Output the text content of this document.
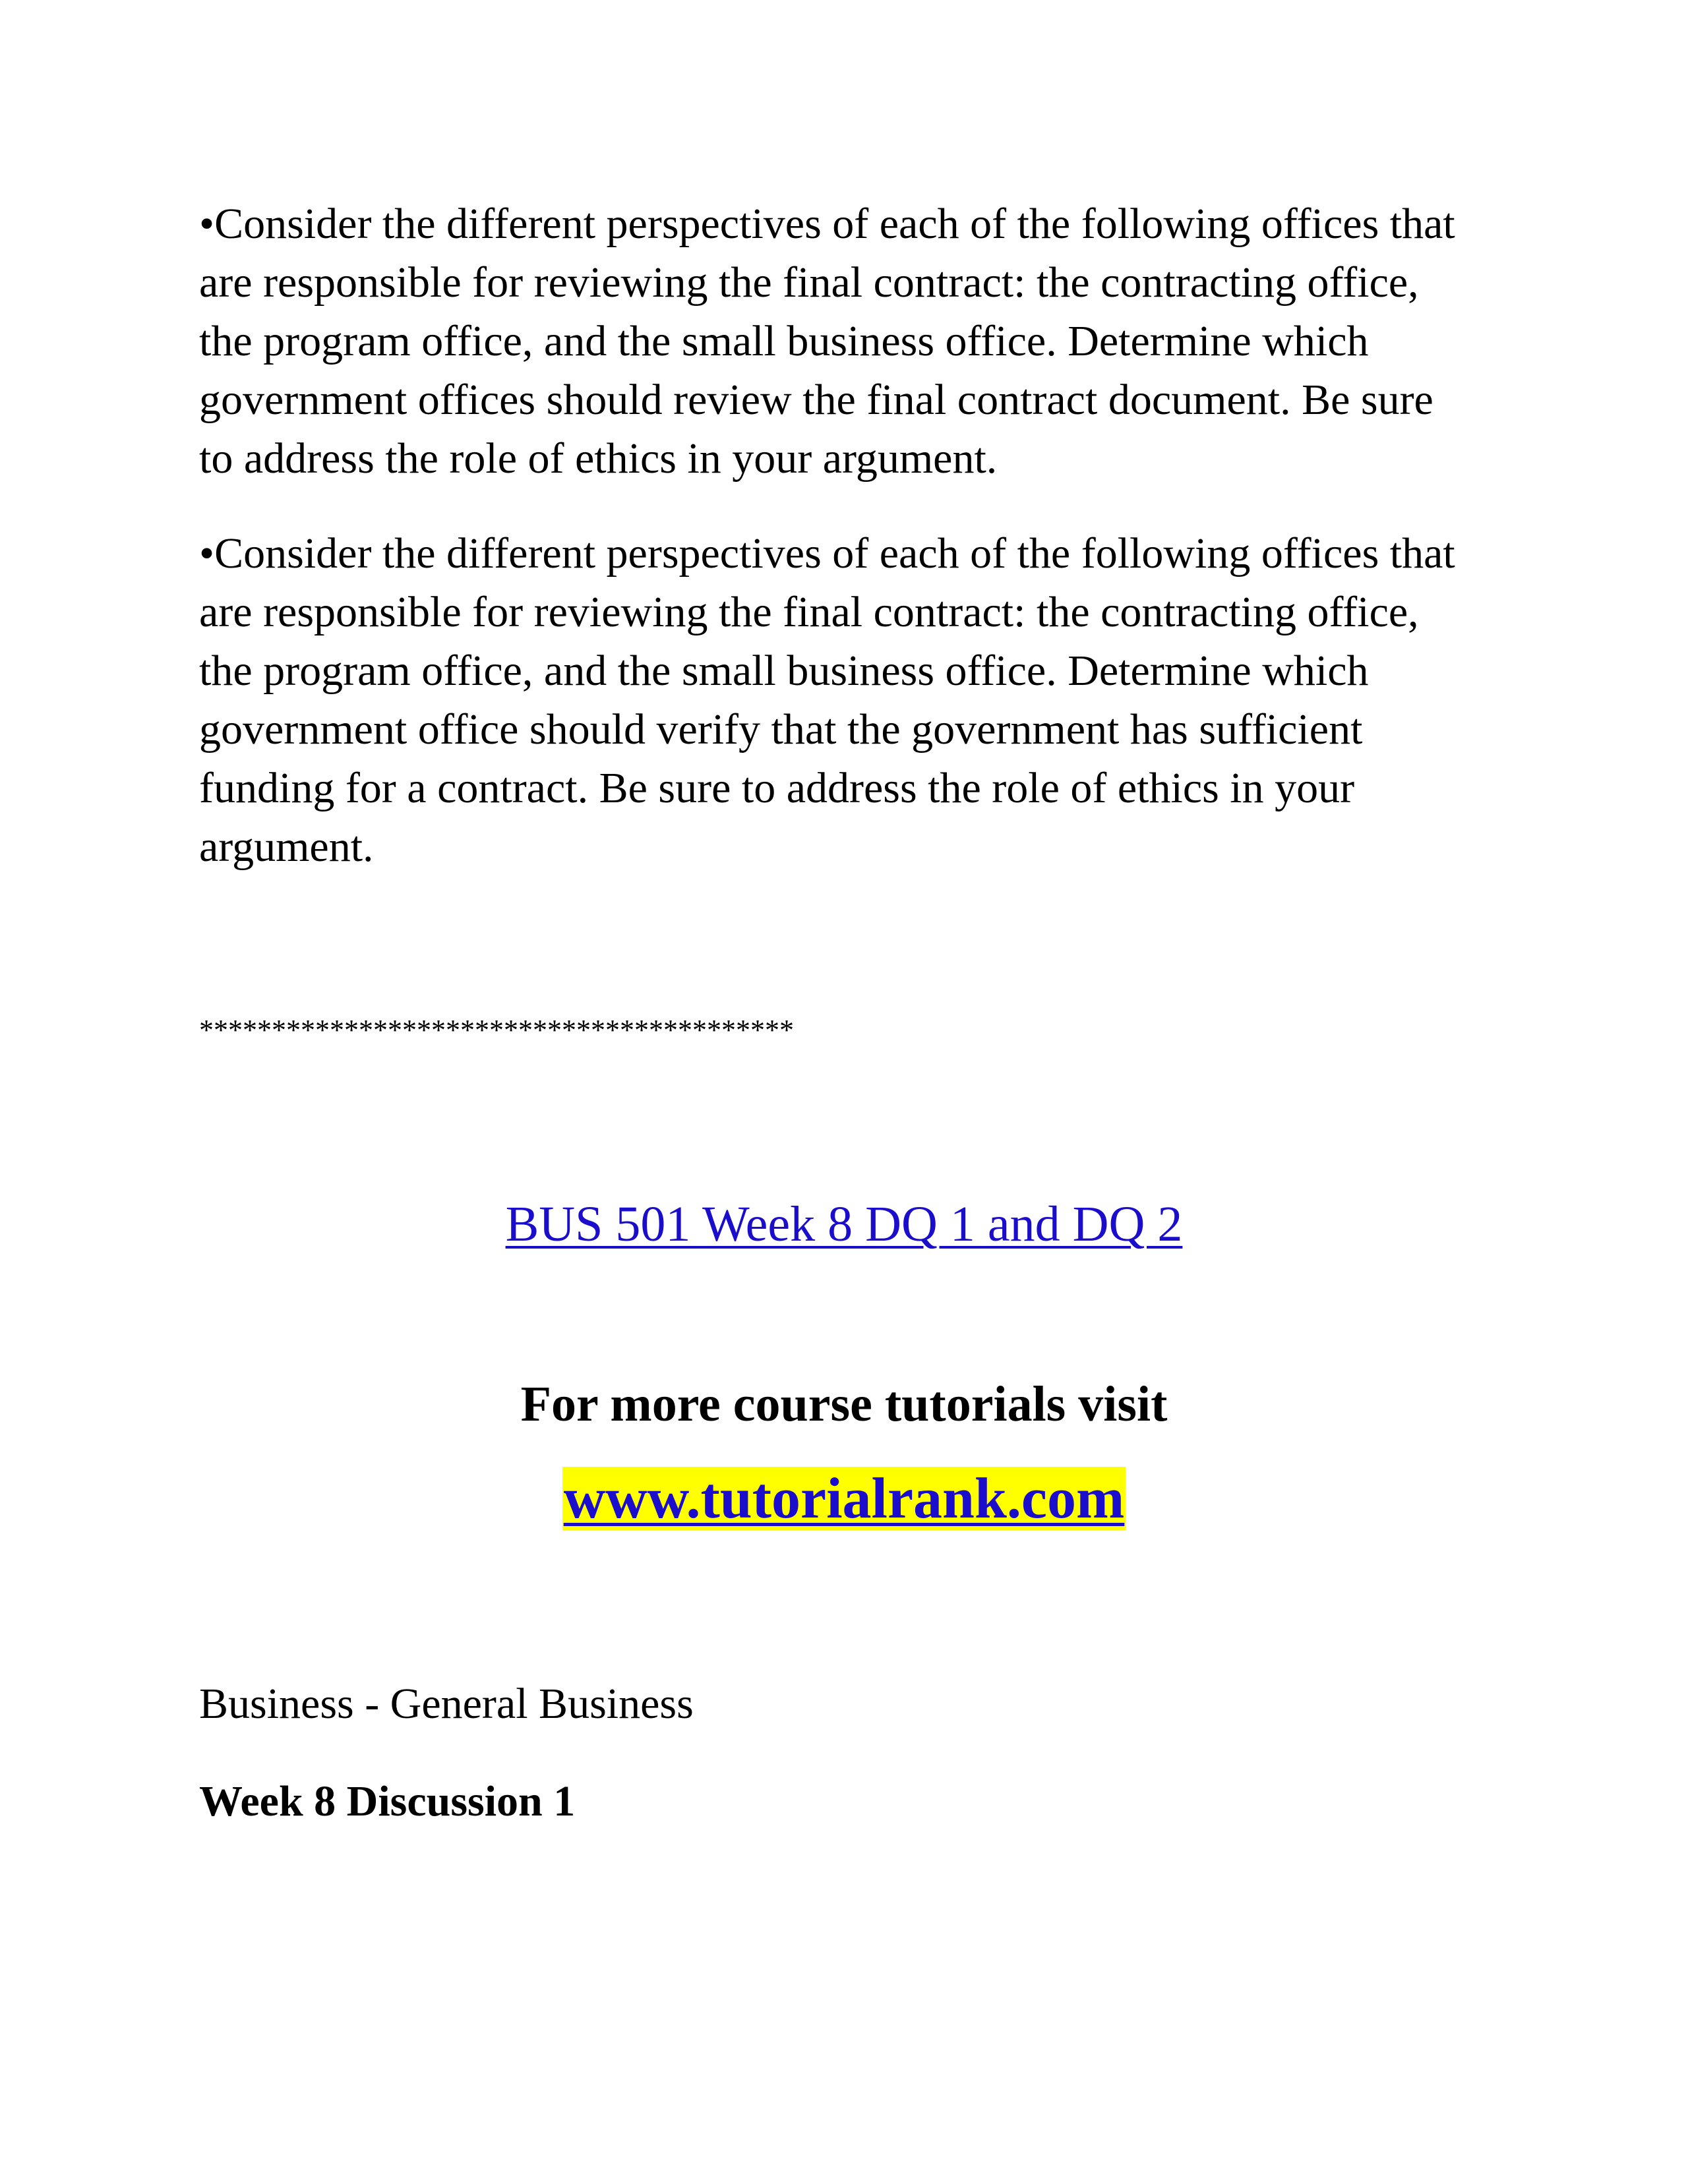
•Consider the different perspectives of each of the following offices that
are responsible for reviewing the final contract: the contracting office,
the program office, and the small business office. Determine which
government offices should review the final contract document. Be sure
to address the role of ethics in your argument.

•Consider the different perspectives of each of the following offices that
are responsible for reviewing the final contract: the contracting office,
the program office, and the small business office. Determine which
government office should verify that the government has sufficient
funding for a contract. Be sure to address the role of ethics in your
argument.

*****************************************

BUS 501 Week 8 DQ 1 and DQ 2

For more course tutorials visit

www.tutorialrank.com

Business - General Business

Week 8 Discussion 1
